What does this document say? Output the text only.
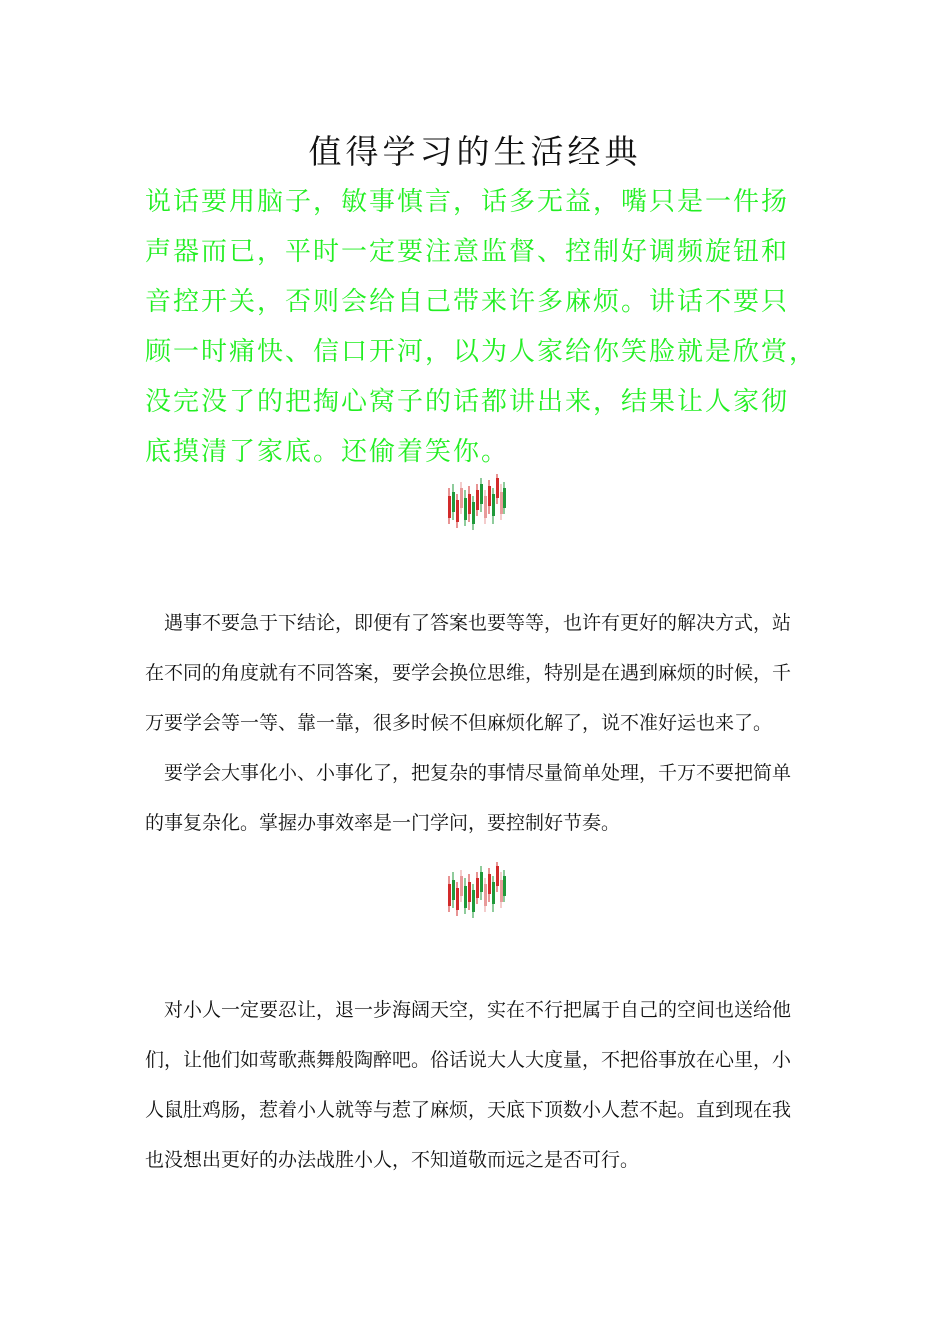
值得学习的生活经典
说话要用脑子，敏事慎言，话多无益，嘴只是一件扬
声器而已，平时一定要注意监督、控制好调频旋钮和
音控开关，否则会给自己带来许多麻烦。讲话不要只
顾一时痛快、信口开河，以为人家给你笑脸就是欣赏，
没完没了的把掏心窝子的话都讲出来，结果让人家彻
底摸清了家底。还偷着笑你。
　遇事不要急于下结论，即便有了答案也要等等，也许有更好的解决方式，站
在不同的角度就有不同答案，要学会换位思维，特别是在遇到麻烦的时候，千
万要学会等一等、靠一靠，很多时候不但麻烦化解了，说不准好运也来了。
　要学会大事化小、小事化了，把复杂的事情尽量简单处理，千万不要把简单
的事复杂化。掌握办事效率是一门学问，要控制好节奏。
　对小人一定要忍让，退一步海阔天空，实在不行把属于自己的空间也送给他
们，让他们如莺歌燕舞般陶醉吧。俗话说大人大度量，不把俗事放在心里，小
人鼠肚鸡肠，惹着小人就等与惹了麻烦，天底下顶数小人惹不起。直到现在我
也没想出更好的办法战胜小人，不知道敬而远之是否可行。
